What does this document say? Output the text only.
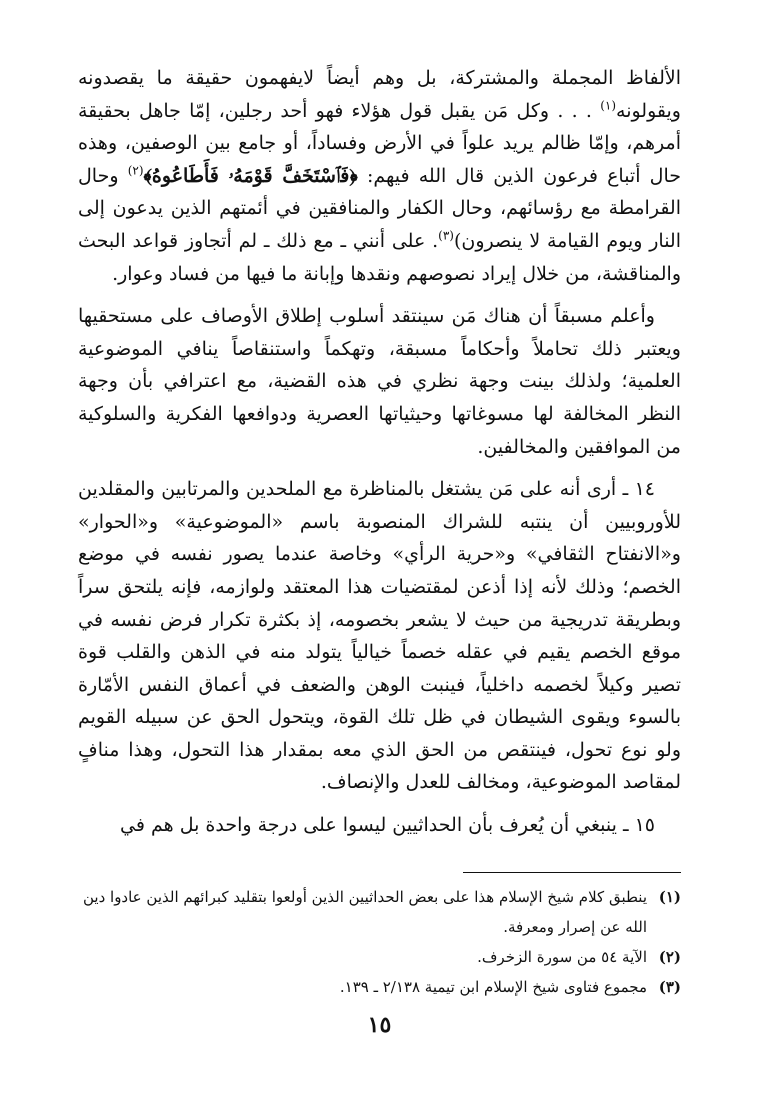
الألفاظ المجملة والمشتركة، بل وهم أيضاً لايفهمون حقيقة ما يقصدونه ويقولونه$^{(١)}$ . . . وكل مَن يقبل قول هؤلاء فهو أحد رجلين، إمّا جاهل بحقيقة أمرهم، وإمّا ظالم يريد علواً في الأرض وفساداً، أو جامع بين الوصفين، وهذه حال أتباع فرعون الذين قال الله فيهم: ﴿فَٱسْتَخَفَّ قَوْمَهُۥ فَأَطَاعُوهُ﴾$^{(٢)}$ وحال القرامطة مع رؤسائهم، وحال الكفار والمنافقين في أئمتهم الذين يدعون إلى النار ويوم القيامة لا ينصرون)$^{(٣)}$. على أنني ـ مع ذلك ـ لم أتجاوز قواعد البحث والمناقشة، من خلال إيراد نصوصهم ونقدها وإبانة ما فيها من فساد وعوار.

وأعلم مسبقاً أن هناك مَن سينتقد أسلوب إطلاق الأوصاف على مستحقيها ويعتبر ذلك تحاملاً وأحكاماً مسبقة، وتهكماً واستنقاصاً ينافي الموضوعية العلمية؛ ولذلك بينت وجهة نظري في هذه القضية، مع اعترافي بأن وجهة النظر المخالفة لها مسوغاتها وحيثياتها العصرية ودوافعها الفكرية والسلوكية من الموافقين والمخالفين.

١٤ ـ أرى أنه على مَن يشتغل بالمناظرة مع الملحدين والمرتابين والمقلدين للأوروبيين أن ينتبه للشراك المنصوبة باسم «الموضوعية» و«الحوار» و«الانفتاح الثقافي» و«حرية الرأي» وخاصة عندما يصور نفسه في موضع الخصم؛ وذلك لأنه إذا أذعن لمقتضيات هذا المعتقد ولوازمه، فإنه يلتحق سراً وبطريقة تدريجية من حيث لا يشعر بخصومه، إذ بكثرة تكرار فرض نفسه في موقع الخصم يقيم في عقله خصماً خيالياً يتولد منه في الذهن والقلب قوة تصير وكيلاً لخصمه داخلياً، فينبت الوهن والضعف في أعماق النفس الأمّارة بالسوء ويقوى الشيطان في ظل تلك القوة، ويتحول الحق عن سبيله القويم ولو نوع تحول، فينتقص من الحق الذي معه بمقدار هذا التحول، وهذا منافٍ لمقاصد الموضوعية، ومخالف للعدل والإنصاف.

١٥ ـ ينبغي أن يُعرف بأن الحداثيين ليسوا على درجة واحدة بل هم في

(١)
ينطبق كلام شيخ الإسلام هذا على بعض الحداثيين الذين أولعوا بتقليد كبرائهم الذين عادوا دين الله عن إصرار ومعرفة.
(٢)
الآية ٥٤ من سورة الزخرف.
(٣)
مجموع فتاوى شيخ الإسلام ابن تيمية ٢/١٣٨ ـ ١٣٩.
١٥
